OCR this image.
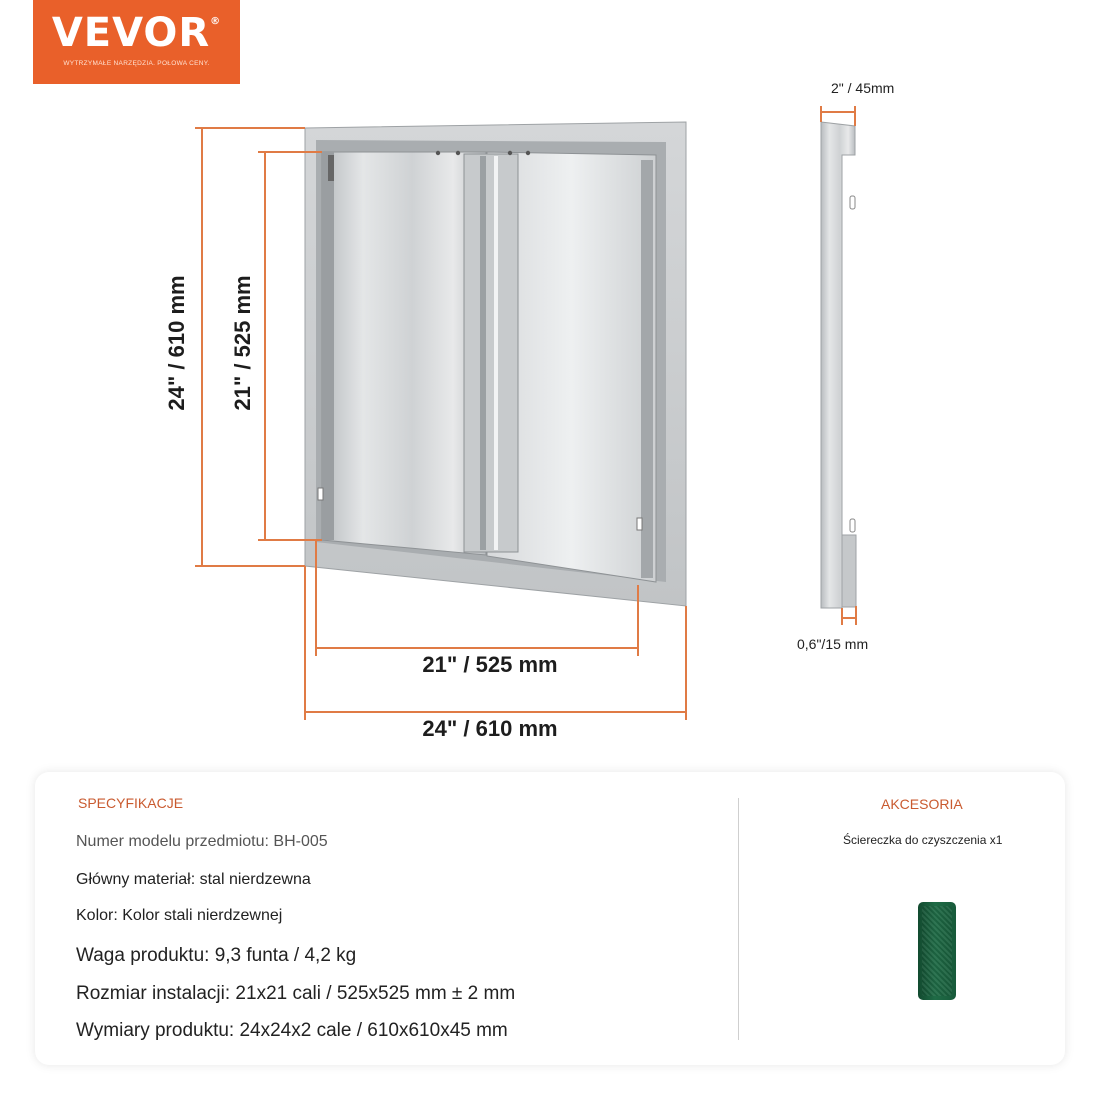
VEVOR®
WYTRZYMAŁE NARZĘDZIA. POŁOWA CENY.
24" / 610 mm 21" / 525 mm
21" / 525 mm
24" / 610 mm
2" / 45mm
0,6"/15 mm
SPECYFIKACJE
Numer modelu przedmiotu: BH-005
Główny materiał: stal nierdzewna
Kolor: Kolor stali nierdzewnej
Waga produktu: 9,3 funta / 4,2 kg
Rozmiar instalacji: 21x21 cali / 525x525 mm ± 2 mm
Wymiary produktu: 24x24x2 cale / 610x610x45 mm
AKCESORIA
Ściereczka do czyszczenia x1
